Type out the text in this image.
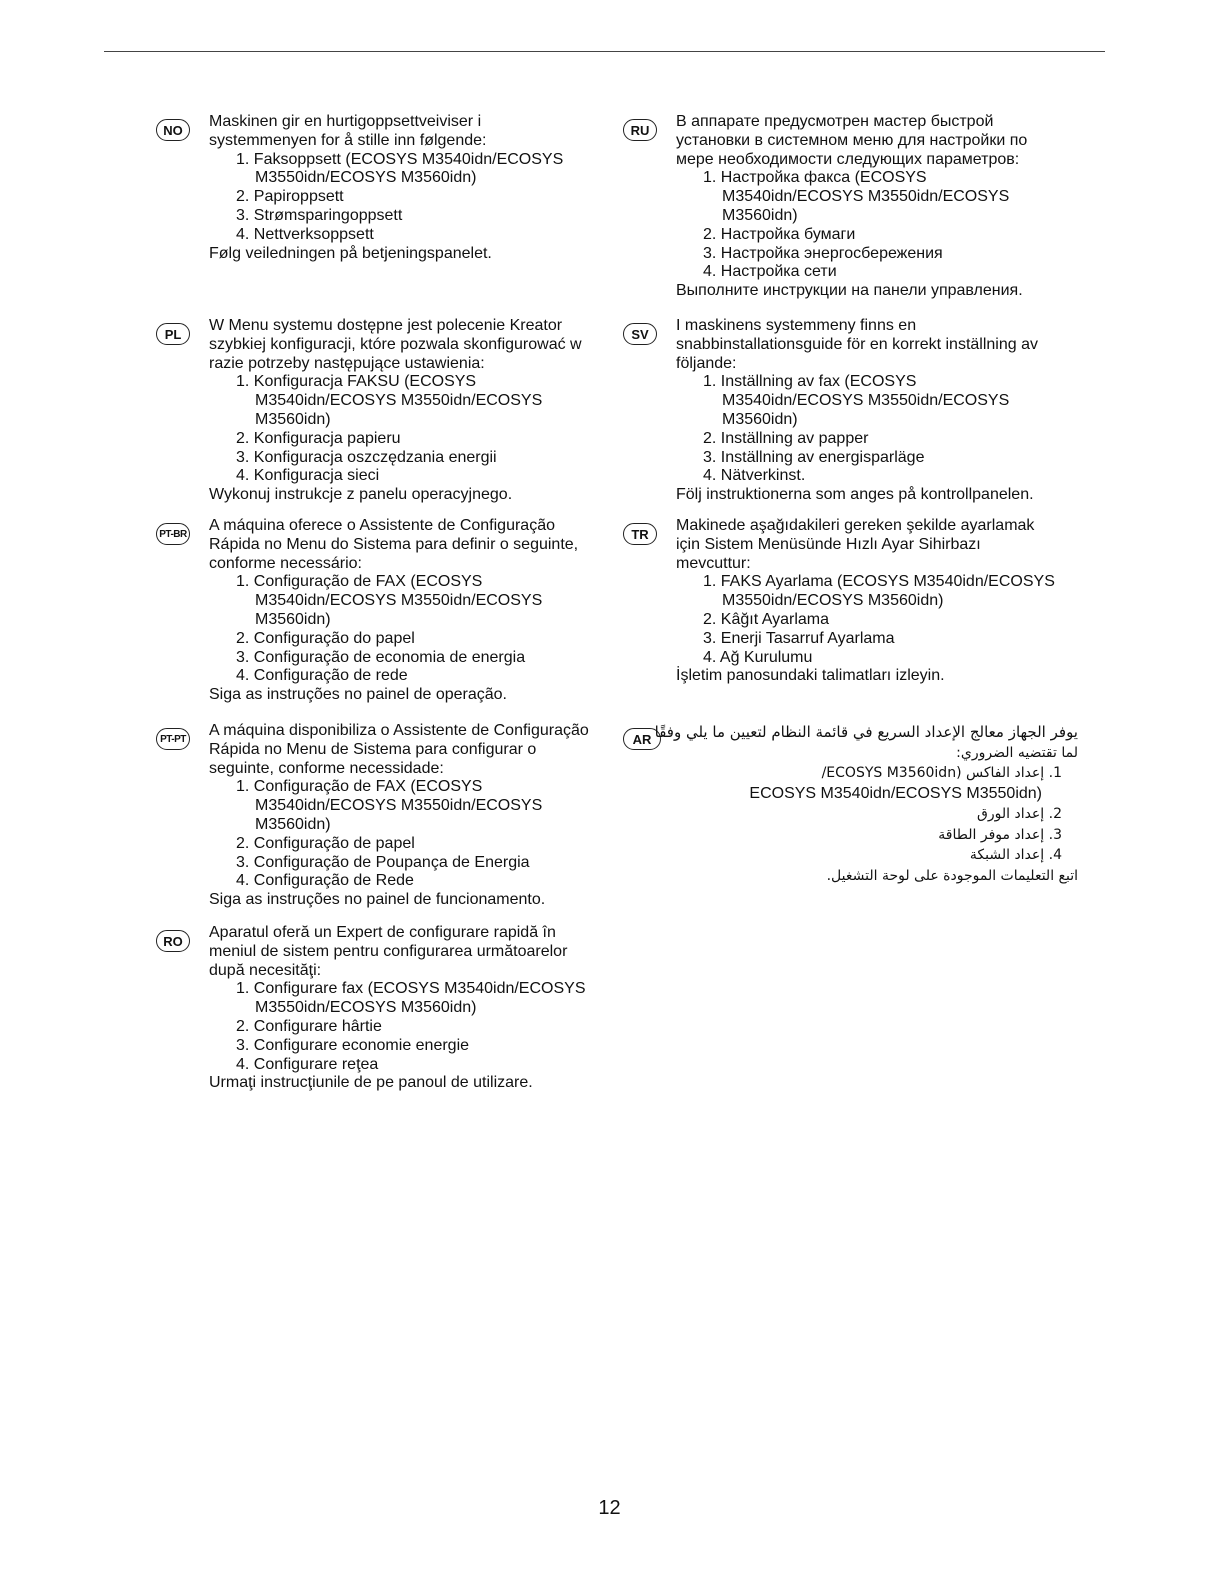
NO	Maskinen gir en hurtigoppsettveiviser i
systemmenyen for å stille inn følgende:
1. Faksoppsett (ECOSYS M3540idn/ECOSYS
M3550idn/ECOSYS M3560idn)
2. Papiroppsett
3. Strømsparingoppsett
4. Nettverksoppsett
Følg veiledningen på betjeningspanelet.
RU	В аппарате предусмотрен мастер быстрой
установки в системном меню для настройки по
мере необходимости следующих параметров:
1. Настройка факса (ECOSYS
M3540idn/ECOSYS M3550idn/ECOSYS
M3560idn)
2. Настройка бумаги
3. Настройка энергосбережения
4. Настройка сети
Выполните инструкции на панели управления.
PL	W Menu systemu dostępne jest polecenie Kreator
szybkiej konfiguracji, które pozwala skonfigurować w
razie potrzeby następujące ustawienia:
1. Konfiguracja FAKSU (ECOSYS
M3540idn/ECOSYS M3550idn/ECOSYS
M3560idn)
2. Konfiguracja papieru
3. Konfiguracja oszczędzania energii
4. Konfiguracja sieci
Wykonuj instrukcje z panelu operacyjnego.
SV	I maskinens systemmeny finns en
snabbinstallationsguide för en korrekt inställning av
följande:
1. Inställning av fax (ECOSYS
M3540idn/ECOSYS M3550idn/ECOSYS
M3560idn)
2. Inställning av papper
3. Inställning av energisparläge
4. Nätverkinst.
Följ instruktionerna som anges på kontrollpanelen.
PT-BR A máquina oferece o Assistente de Configuração
Rápida no Menu do Sistema para definir o seguinte,
conforme necessário:
1. Configuração de FAX (ECOSYS
M3540idn/ECOSYS M3550idn/ECOSYS
M3560idn)
2. Configuração do papel
3. Configuração de economia de energia
4. Configuração de rede
Siga as instruções no painel de operação.
TR	Makinede aşağıdakileri gereken şekilde ayarlamak
için Sistem Menüsünde Hızlı Ayar Sihirbazı
mevcuttur:
1. FAKS Ayarlama (ECOSYS M3540idn/ECOSYS
M3550idn/ECOSYS M3560idn)
2. Kâğıt Ayarlama
3. Enerji Tasarruf Ayarlama
4. Ağ Kurulumu
İşletim panosundaki talimatları izleyin.
PT-PT A máquina disponibiliza o Assistente de Configuração
Rápida no Menu de Sistema para configurar o
seguinte, conforme necessidade:
1. Configuração de FAX (ECOSYS
M3540idn/ECOSYS M3550idn/ECOSYS
M3560idn)
2. Configuração de papel
3. Configuração de Poupança de Energia
4. Configuração de Rede
Siga as instruções no painel de funcionamento.
AR يوفر الجهاز معالج الإعداد السريع في قائمة النظام لتعيين ما يلي وفقًا
لما تقتضيه الضروري:
1. إعداد الفاكس (ECOSYS M3560idn/
ECOSYS M3540idn/ECOSYS M3550idn)
2. إعداد الورق
3. إعداد موفر الطاقة
4. إعداد الشبكة
اتبع التعليمات الموجودة على لوحة التشغيل.
RO	Aparatul oferă un Expert de configurare rapidă în
meniul de sistem pentru configurarea următoarelor
după necesităţi:
1. Configurare fax (ECOSYS M3540idn/ECOSYS
M3550idn/ECOSYS M3560idn)
2. Configurare hârtie
3. Configurare economie energie
4. Configurare reţea
Urmaţi instrucţiunile de pe panoul de utilizare.
12
